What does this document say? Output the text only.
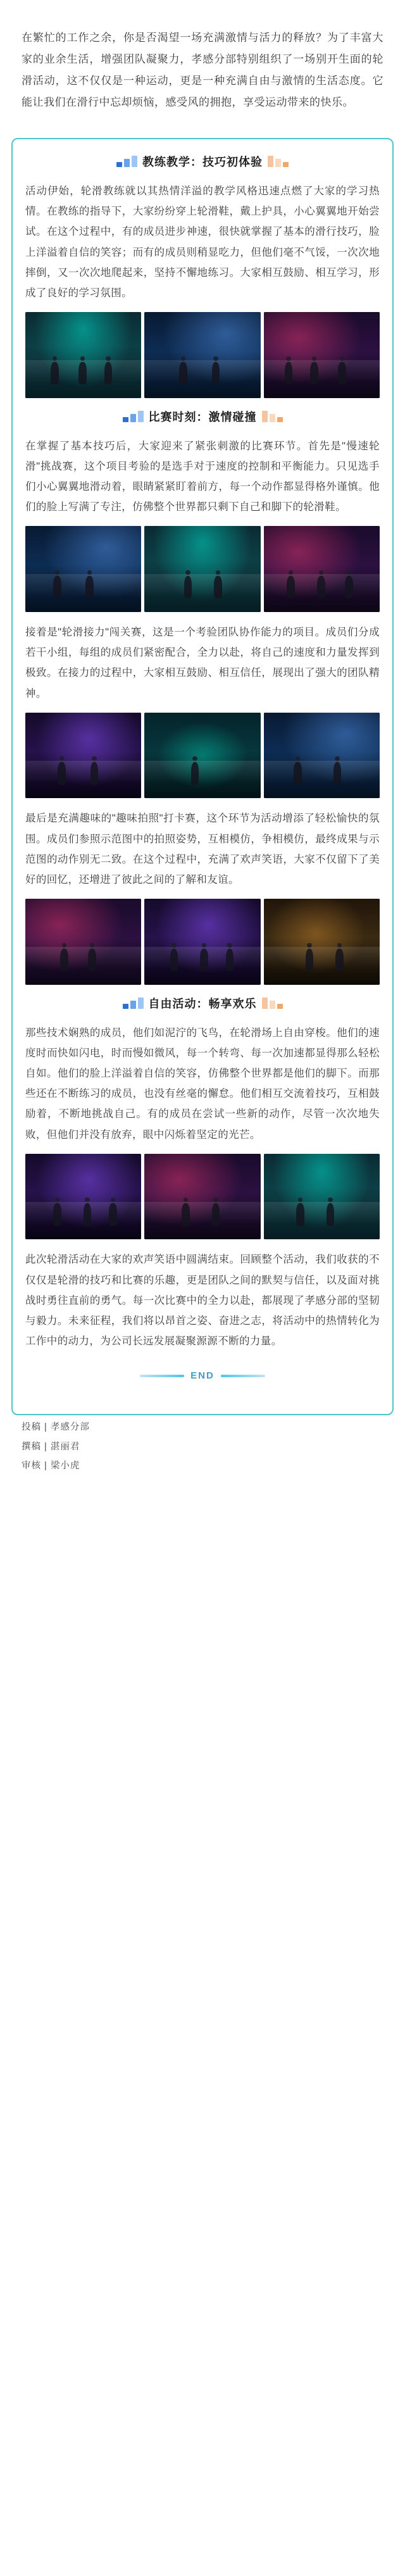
在繁忙的工作之余，你是否渴望一场充满激情与活力的释放？为了丰富大家的业余生活，增强团队凝聚力，孝感分部特别组织了一场别开生面的轮滑活动，这不仅仅是一种运动，更是一种充满自由与激情的生活态度。它能让我们在滑行中忘却烦恼，感受风的拥抱，享受运动带来的快乐。

教练教学：技巧初体验

活动伊始，轮滑教练就以其热情洋溢的教学风格迅速点燃了大家的学习热情。在教练的指导下，大家纷纷穿上轮滑鞋，戴上护具，小心翼翼地开始尝试。在这个过程中，有的成员进步神速，很快就掌握了基本的滑行技巧，脸上洋溢着自信的笑容；而有的成员则稍显吃力，但他们毫不气馁，一次次地摔倒，又一次次地爬起来，坚持不懈地练习。大家相互鼓励、相互学习，形成了良好的学习氛围。

比赛时刻：激情碰撞

在掌握了基本技巧后，大家迎来了紧张刺激的比赛环节。首先是"慢速轮滑"挑战赛，这个项目考验的是选手对于速度的控制和平衡能力。只见选手们小心翼翼地滑动着，眼睛紧紧盯着前方，每一个动作都显得格外谨慎。他们的脸上写满了专注，仿佛整个世界都只剩下自己和脚下的轮滑鞋。

接着是"轮滑接力"闯关赛，这是一个考验团队协作能力的项目。成员们分成若干小组，每组的成员们紧密配合，全力以赴，将自己的速度和力量发挥到极致。在接力的过程中，大家相互鼓励、相互信任，展现出了强大的团队精神。

最后是充满趣味的"趣味拍照"打卡赛，这个环节为活动增添了轻松愉快的氛围。成员们参照示范图中的拍照姿势，互相模仿，争相模仿，最终成果与示范图的动作别无二致。在这个过程中，充满了欢声笑语，大家不仅留下了美好的回忆，还增进了彼此之间的了解和友谊。

自由活动：畅享欢乐

那些技术娴熟的成员，他们如泥泞的飞鸟，在轮滑场上自由穿梭。他们的速度时而快如闪电，时而慢如微风，每一个转弯、每一次加速都显得那么轻松自如。他们的脸上洋溢着自信的笑容，仿佛整个世界都是他们的脚下。而那些还在不断练习的成员，也没有丝毫的懈怠。他们相互交流着技巧，互相鼓励着，不断地挑战自己。有的成员在尝试一些新的动作，尽管一次次地失败，但他们并没有放弃，眼中闪烁着坚定的光芒。

此次轮滑活动在大家的欢声笑语中圆满结束。回顾整个活动，我们收获的不仅仅是轮滑的技巧和比赛的乐趣，更是团队之间的默契与信任，以及面对挑战时勇往直前的勇气。每一次比赛中的全力以赴，都展现了孝感分部的坚韧与毅力。未来征程，我们将以昂首之姿、奋进之志，将活动中的热情转化为工作中的动力，为公司长远发展凝聚源源不断的力量。

END
投稿 | 孝感分部
撰稿 | 湛丽君
审核 | 梁小虎
